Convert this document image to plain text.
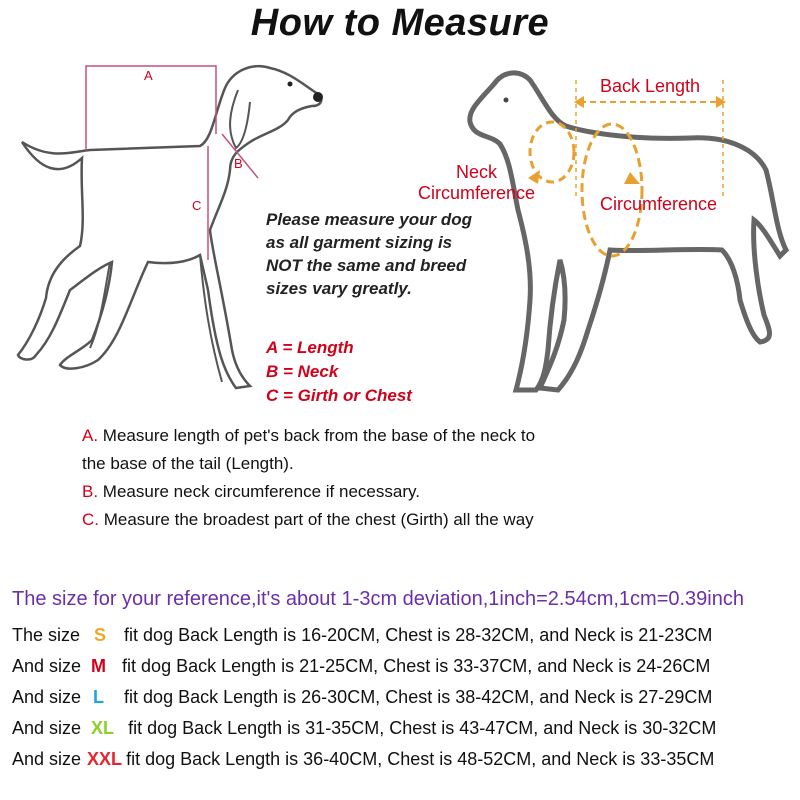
How to Measure
A
B
C
Back Length
Circumference
Neck
Circumference
Please measure your dog
as all garment sizing is
NOT the same and breed
sizes vary greatly.
A = Length
B = Neck
C = Girth or Chest
A. Measure length of pet's back from the base of the neck to
the base of the tail (Length).
B. Measure neck circumference if necessary.
C. Measure the broadest part of the chest (Girth) all the way
The size for your reference,it's about 1-3cm deviation,1inch=2.54cm,1cm=0.39inch
The size S fit dog Back Length is 16-20CM, Chest is 28-32CM, and Neck is 21-23CM
And size M fit dog Back Length is 21-25CM, Chest is 33-37CM, and Neck is 24-26CM
And size L fit dog Back Length is 26-30CM, Chest is 38-42CM, and Neck is 27-29CM
And size XL fit dog Back Length is 31-35CM, Chest is 43-47CM, and Neck is 30-32CM
And size XXL fit dog Back Length is 36-40CM, Chest is 48-52CM, and Neck is 33-35CM
